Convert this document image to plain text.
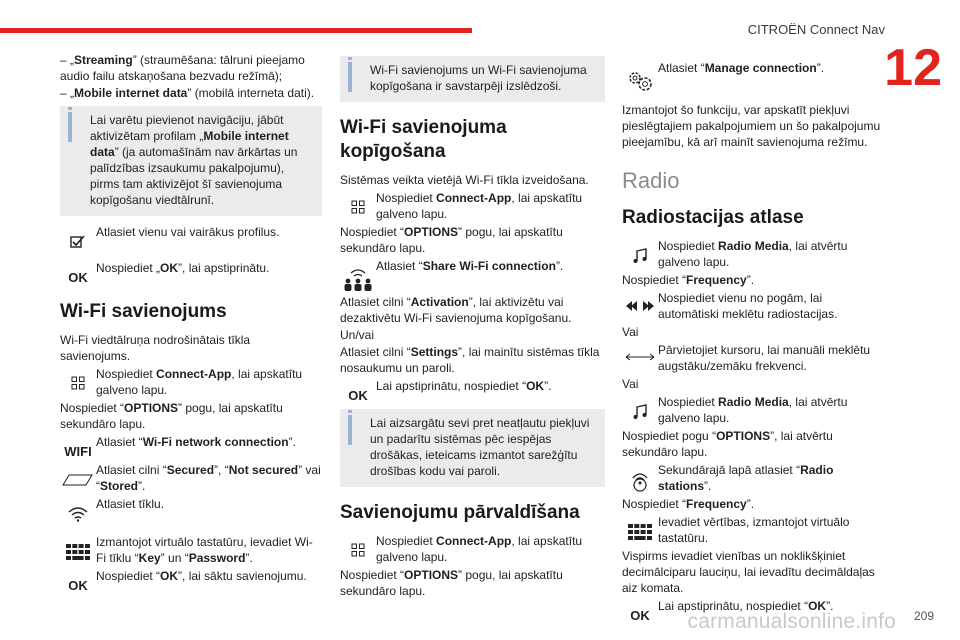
CITROËN Connect Nav
12
carmanualsonline.info 209

– „Streaming” (straumēšana: tālruni pieejamo audio failu atskaņošana bezvadu režīmā);

– „Mobile internet data” (mobilā interneta dati).

Lai varētu pievienot navigāciju, jābūt aktivizētam profilam „Mobile internet data” (ja automašīnām nav ārkārtas un palīdzības izsaukumu pakalpojumu), pirms tam aktivizējot šī savienojuma kopīgošanu viedtālrunī.
Atlasiet vienu vai vairākus profilus.
OK
Nospiediet „OK”, lai apstiprinātu.
Wi-Fi savienojums

Wi-Fi viedtālruņa nodrošinātais tīkla savienojums.

Nospiediet Connect-App, lai apskatītu galveno lapu.

Nospiediet “OPTIONS” pogu, lai apskatītu sekundāro lapu.

WIFI
Atlasiet “Wi-Fi network connection”.
Atlasiet cilni “Secured”, “Not secured” vai “Stored”.
Atlasiet tīklu.
Izmantojot virtuālo tastatūru, ievadiet Wi-Fi tīklu “Key” un “Password”.
OK
Nospiediet “OK”, lai sāktu savienojumu.
Wi-Fi savienojums un Wi-Fi savienojuma kopīgošana ir savstarpēji izslēdzoši.
Wi-Fi savienojuma kopīgošana

Sistēmas veikta vietējā Wi-Fi tīkla izveidošana.

Nospiediet Connect-App, lai apskatītu galveno lapu.

Nospiediet “OPTIONS” pogu, lai apskatītu sekundāro lapu.

Atlasiet “Share Wi-Fi connection”.

Atlasiet cilni “Activation”, lai aktivizētu vai dezaktivētu Wi-Fi savienojuma kopīgošanu.

Un/vai

Atlasiet cilni “Settings”, lai mainītu sistēmas tīkla nosaukumu un paroli.

OK
Lai apstiprinātu, nospiediet “OK”.
Lai aizsargātu sevi pret neatļautu piekļuvi un padarītu sistēmas pēc iespējas drošākas, ieteicams izmantot sarežģītu drošības kodu vai paroli.
Savienojumu pārvaldīšana
Nospiediet Connect-App, lai apskatītu galveno lapu.

Nospiediet “OPTIONS” pogu, lai apskatītu sekundāro lapu.

Atlasiet “Manage connection”.

Izmantojot šo funkciju, var apskatīt piekļuvi pieslēgtajiem pakalpojumiem un šo pakalpojumu pieejamību, kā arī mainīt savienojuma režīmu.

Radio
Radiostacijas atlase
Nospiediet Radio Media, lai atvērtu galveno lapu.

Nospiediet “Frequency”.

Nospiediet vienu no pogām, lai automātiski meklētu radiostacijas.

Vai

Pārvietojiet kursoru, lai manuāli meklētu augstāku/zemāku frekvenci.

Vai

Nospiediet Radio Media, lai atvērtu galveno lapu.

Nospiediet pogu “OPTIONS”, lai atvērtu sekundāro lapu.

Sekundārajā lapā atlasiet “Radio stations”.

Nospiediet “Frequency”.

Ievadiet vērtības, izmantojot virtuālo tastatūru.

Vispirms ievadiet vienības un noklikšķiniet decimālciparu lauciņu, lai ievadītu decimāldaļas aiz komata.

OK
Lai apstiprinātu, nospiediet “OK”.
